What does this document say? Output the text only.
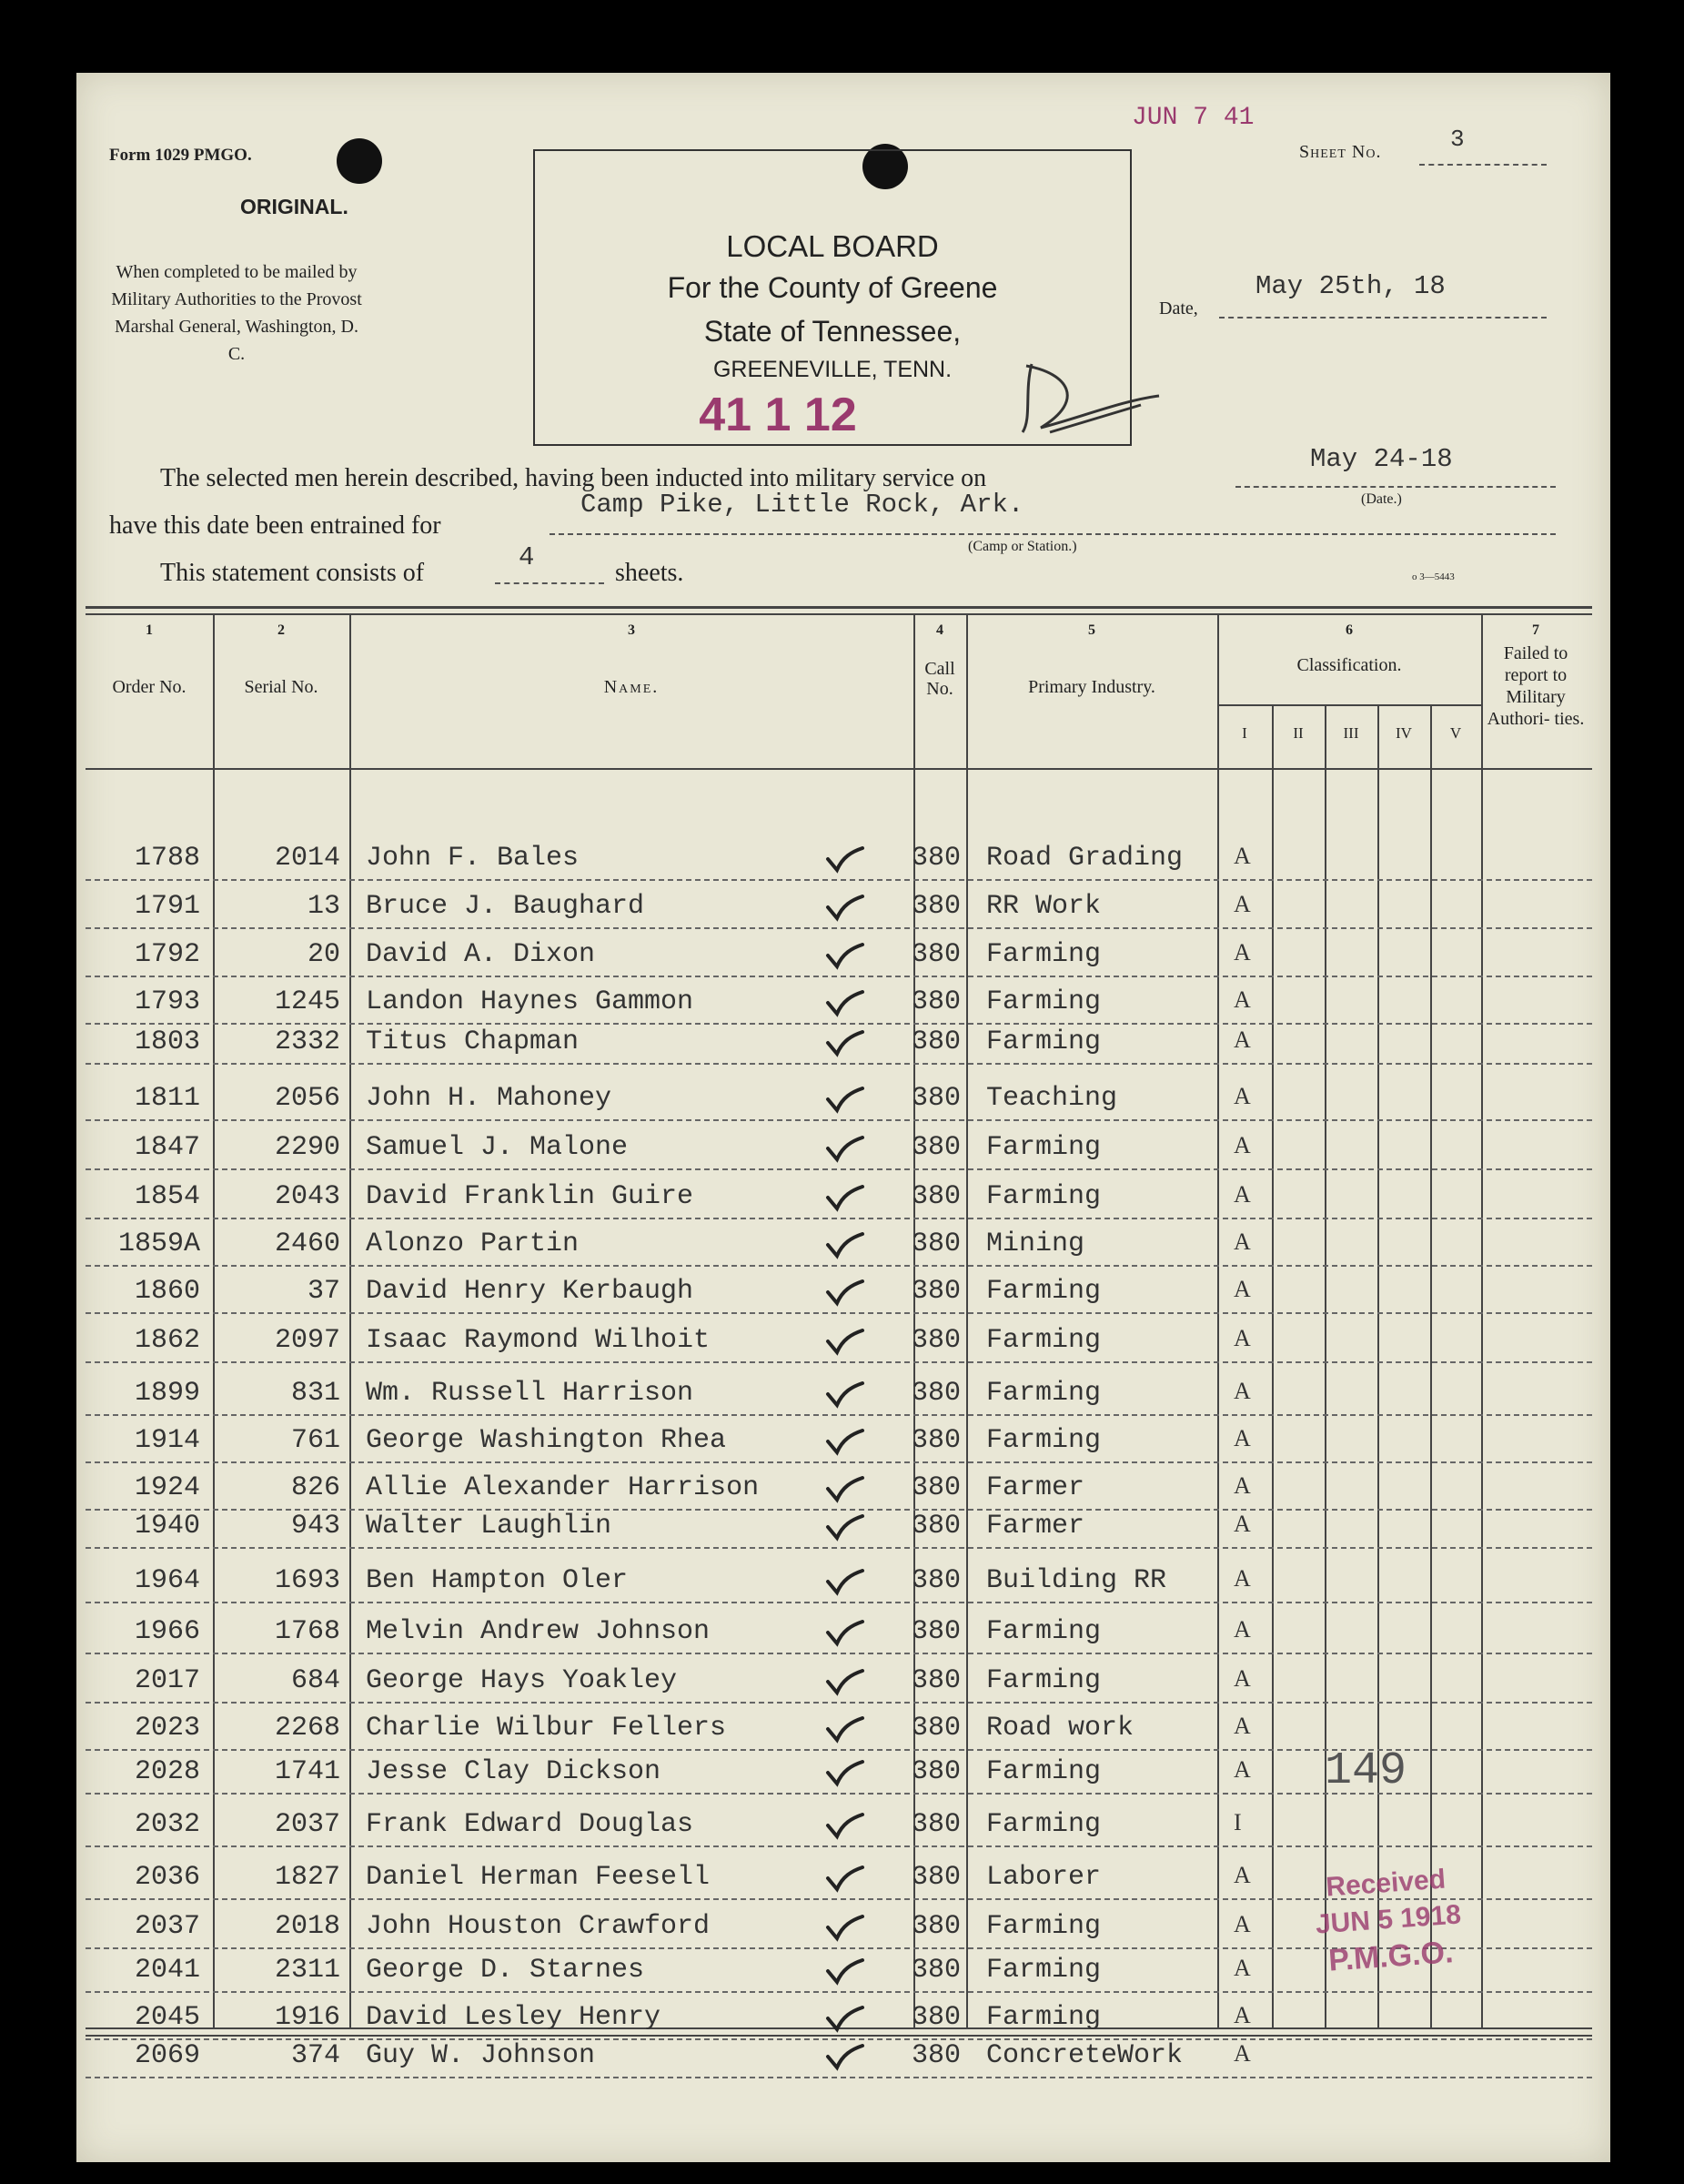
Form 1029 PMGO.
ORIGINAL.
When completed to be mailed by
Military Authorities to the Provost
Marshal General, Washington, D. C.
LOCAL BOARD
For the County of Greene
State of Tennessee,
GREENEVILLE, TENN.
41 1 12
JUN 7 41
Sheet No.	3
Date,
May 25th, 18
The selected men herein described, having been inducted into military service on
May 24-18
(Date.)
have this date been entrained for
Camp Pike, Little Rock, Ark.
(Camp or Station.)
This statement consists of
4
sheets.	o 3—5443
1	2	3	4	5	6	7
Order No.	Serial No.	Name.
Call No.	Primary Industry.
Classification.
Failed to report to Military Authori- ties.
I	II	III	IV	V
1788	2014 John F. Bales	380 Road Grading	A
1791	13 Bruce J. Baughard	380 RR Work	A
1792	20 David A. Dixon	380 Farming	A
1793	1245 Landon Haynes Gammon	380 Farming	A
1803	2332 Titus Chapman	380 Farming	A
1811	2056 John H. Mahoney	380 Teaching	A
1847	2290 Samuel J. Malone	380 Farming	A
1854	2043 David Franklin Guire	380 Farming	A
1859A	2460 Alonzo Partin	380 Mining	A
1860	37 David Henry Kerbaugh	380 Farming	A
1862	2097 Isaac Raymond Wilhoit	380 Farming	A
1899	831 Wm. Russell Harrison	380 Farming	A
1914	761 George Washington Rhea	380 Farming	A
1924	826 Allie Alexander Harrison	380 Farmer	A
1940	943 Walter Laughlin	380 Farmer	A
1964	1693 Ben Hampton Oler	380 Building RR	A
1966	1768 Melvin Andrew Johnson	380 Farming	A
2017	684 George Hays Yoakley	380 Farming	A
2023	2268 Charlie Wilbur Fellers	380 Road work	A
2028	1741 Jesse Clay Dickson	380 Farming	A
2032	2037 Frank Edward Douglas	380 Farming	I
2036	1827 Daniel Herman Feesell	380 Laborer	A
2037	2018 John Houston Crawford	380 Farming	A
2041	2311 George D. Starnes	380 Farming	A
2045	1916 David Lesley Henry	380 Farming	A
2069	374 Guy W. Johnson	380 ConcreteWork	A
149
Received
JUN 5 1918
P.M.G.O.
